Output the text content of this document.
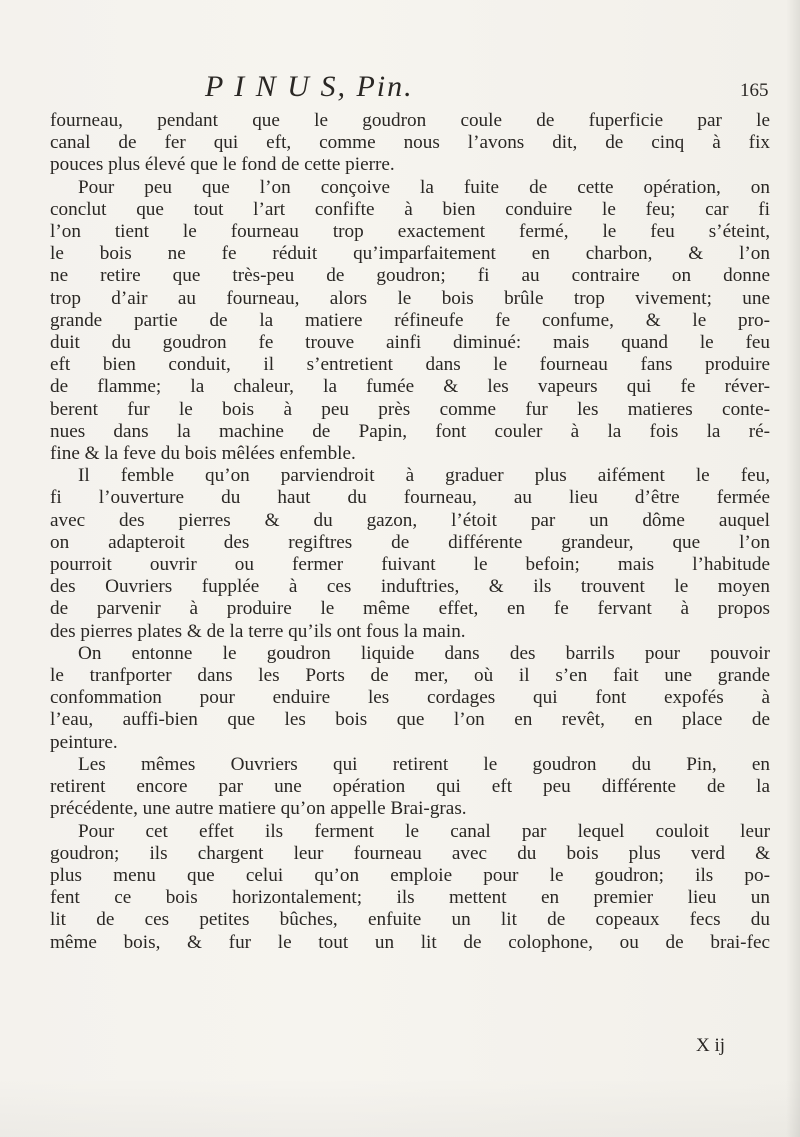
P I N U S, Pin.	165
fourneau, pendant que le goudron coule de fuperficie par le
canal de fer qui eft, comme nous l’avons dit, de cinq à fix
pouces plus élevé que le fond de cette pierre.
Pour peu que l’on conçoive la fuite de cette opération, on
conclut que tout l’art confifte à bien conduire le feu; car fi
l’on tient le fourneau trop exactement fermé, le feu s’éteint,
le bois ne fe réduit qu’imparfaitement en charbon, & l’on
ne retire que très-peu de goudron; fi au contraire on donne
trop d’air au fourneau, alors le bois brûle trop vivement; une
grande partie de la matiere réfineufe fe confume, & le pro-
duit du goudron fe trouve ainfi diminué: mais quand le feu
eft bien conduit, il s’entretient dans le fourneau fans produire
de flamme; la chaleur, la fumée & les vapeurs qui fe réver-
berent fur le bois à peu près comme fur les matieres conte-
nues dans la machine de Papin, font couler à la fois la ré-
fine & la feve du bois mêlées enfemble.
Il femble qu’on parviendroit à graduer plus aifément le feu,
fi l’ouverture du haut du fourneau, au lieu d’être fermée
avec des pierres & du gazon, l’étoit par un dôme auquel
on adapteroit des regiftres de différente grandeur, que l’on
pourroit ouvrir ou fermer fuivant le befoin; mais l’habitude
des Ouvriers fupplée à ces induftries, & ils trouvent le moyen
de parvenir à produire le même effet, en fe fervant à propos
des pierres plates & de la terre qu’ils ont fous la main.
On entonne le goudron liquide dans des barrils pour pouvoir
le tranfporter dans les Ports de mer, où il s’en fait une grande
confommation pour enduire les cordages qui font expofés à
l’eau, auffi-bien que les bois que l’on en revêt, en place de
peinture.
Les mêmes Ouvriers qui retirent le goudron du Pin, en
retirent encore par une opération qui eft peu différente de la
précédente, une autre matiere qu’on appelle Brai-gras.
Pour cet effet ils ferment le canal par lequel couloit leur
goudron; ils chargent leur fourneau avec du bois plus verd &
plus menu que celui qu’on emploie pour le goudron; ils po-
fent ce bois horizontalement; ils mettent en premier lieu un
lit de ces petites bûches, enfuite un lit de copeaux fecs du
même bois, & fur le tout un lit de colophone, ou de brai-fec
X ij
